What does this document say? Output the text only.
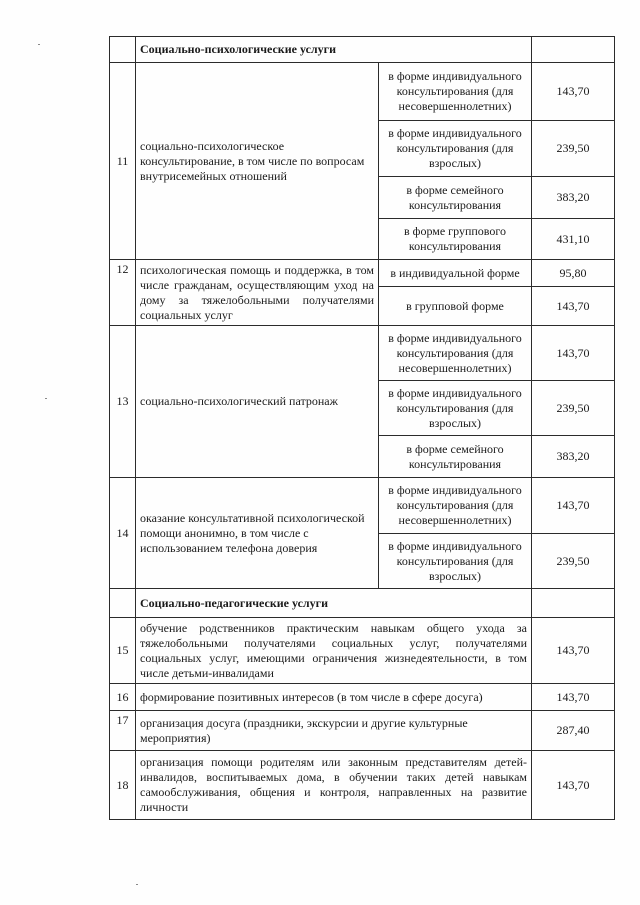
	Социально-психологические услуги		
11	социально-психологическое консультирование, в том числе по вопросам внутрисемейных отношений	в форме индивидуального консультирования (для несовершеннолетних)	143,70
		в форме индивидуального консультирования (для взрослых)	239,50
		в форме семейного консультирования	383,20
		в форме группового консультирования	431,10
12	психологическая помощь и поддержка, в том числе гражданам, осуществляющим уход на дому за тяжелобольными получателями социальных услуг	в индивидуальной форме	95,80
		в групповой форме	143,70
13	социально-психологический патронаж	в форме индивидуального консультирования (для несовершеннолетних)	143,70
		в форме индивидуального консультирования (для взрослых)	239,50
		в форме семейного консультирования	383,20
14	оказание консультативной психологической помощи анонимно, в том числе с использованием телефона доверия	в форме индивидуального консультирования (для несовершеннолетних)	143,70
		в форме индивидуального консультирования (для взрослых)	239,50
	Социально-педагогические услуги		
15	обучение родственников практическим навыкам общего ухода за тяжелобольными получателями социальных услуг, получателями социальных услуг, имеющими ограничения жизнедеятельности, в том числе детьми-инвалидами		143,70
16	формирование позитивных интересов (в том числе в сфере досуга)		143,70
17	организация досуга (праздники, экскурсии и другие культурные мероприятия)		287,40
18	организация помощи родителям или законным представителям детей-инвалидов, воспитываемых дома, в обучении таких детей навыкам самообслуживания, общения и контроля, направленных на развитие личности		143,70
